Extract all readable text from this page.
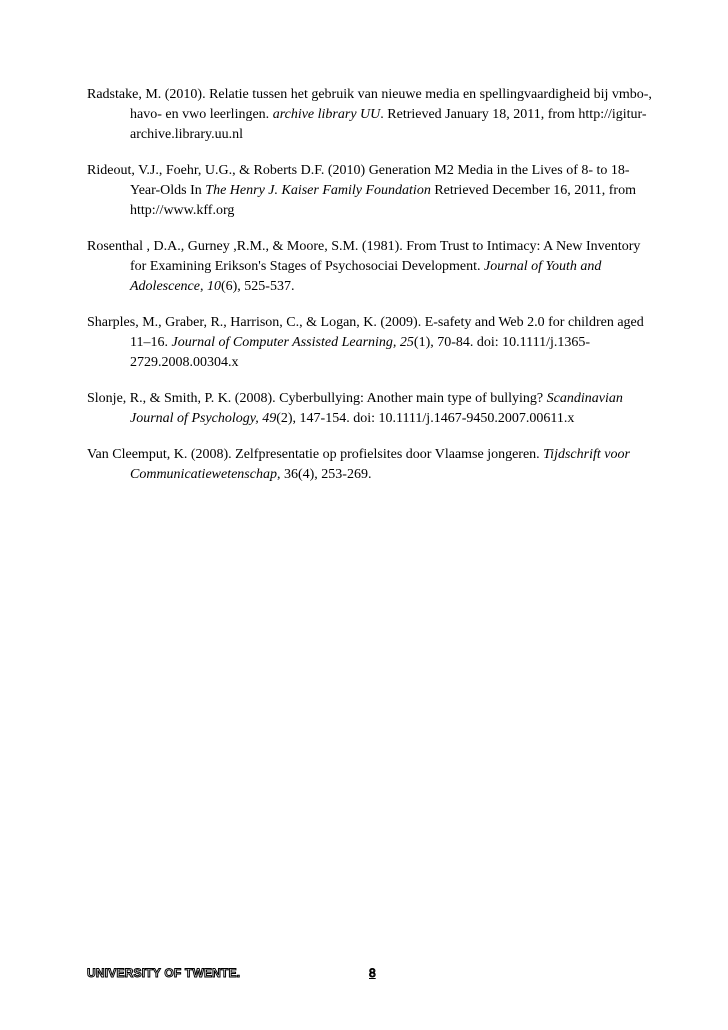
Radstake, M. (2010). Relatie tussen het gebruik van nieuwe media en spellingvaardigheid bij vmbo-, havo- en vwo leerlingen. archive library UU. Retrieved January 18, 2011, from http://igitur-archive.library.uu.nl

Rideout, V.J., Foehr, U.G., & Roberts D.F. (2010) Generation M2 Media in the Lives of 8- to 18-Year-Olds In The Henry J. Kaiser Family Foundation Retrieved December 16, 2011, from http://www.kff.org

Rosenthal , D.A., Gurney ,R.M., & Moore, S.M. (1981). From Trust to Intimacy: A New Inventory for Examining Erikson's Stages of Psychosociai Development. Journal of Youth and Adolescence, 10(6), 525-537.

Sharples, M., Graber, R., Harrison, C., & Logan, K. (2009). E-safety and Web 2.0 for children aged 11–16. Journal of Computer Assisted Learning, 25(1), 70-84. doi: 10.1111/j.1365-2729.2008.00304.x

Slonje, R., & Smith, P. K. (2008). Cyberbullying: Another main type of bullying? Scandinavian Journal of Psychology, 49(2), 147-154. doi: 10.1111/j.1467-9450.2007.00611.x

Van Cleemput, K. (2008). Zelfpresentatie op profielsites door Vlaamse jongeren. Tijdschrift voor Communicatiewetenschap, 36(4), 253-269.

UNIVERSITY OF TWENTE.	8
